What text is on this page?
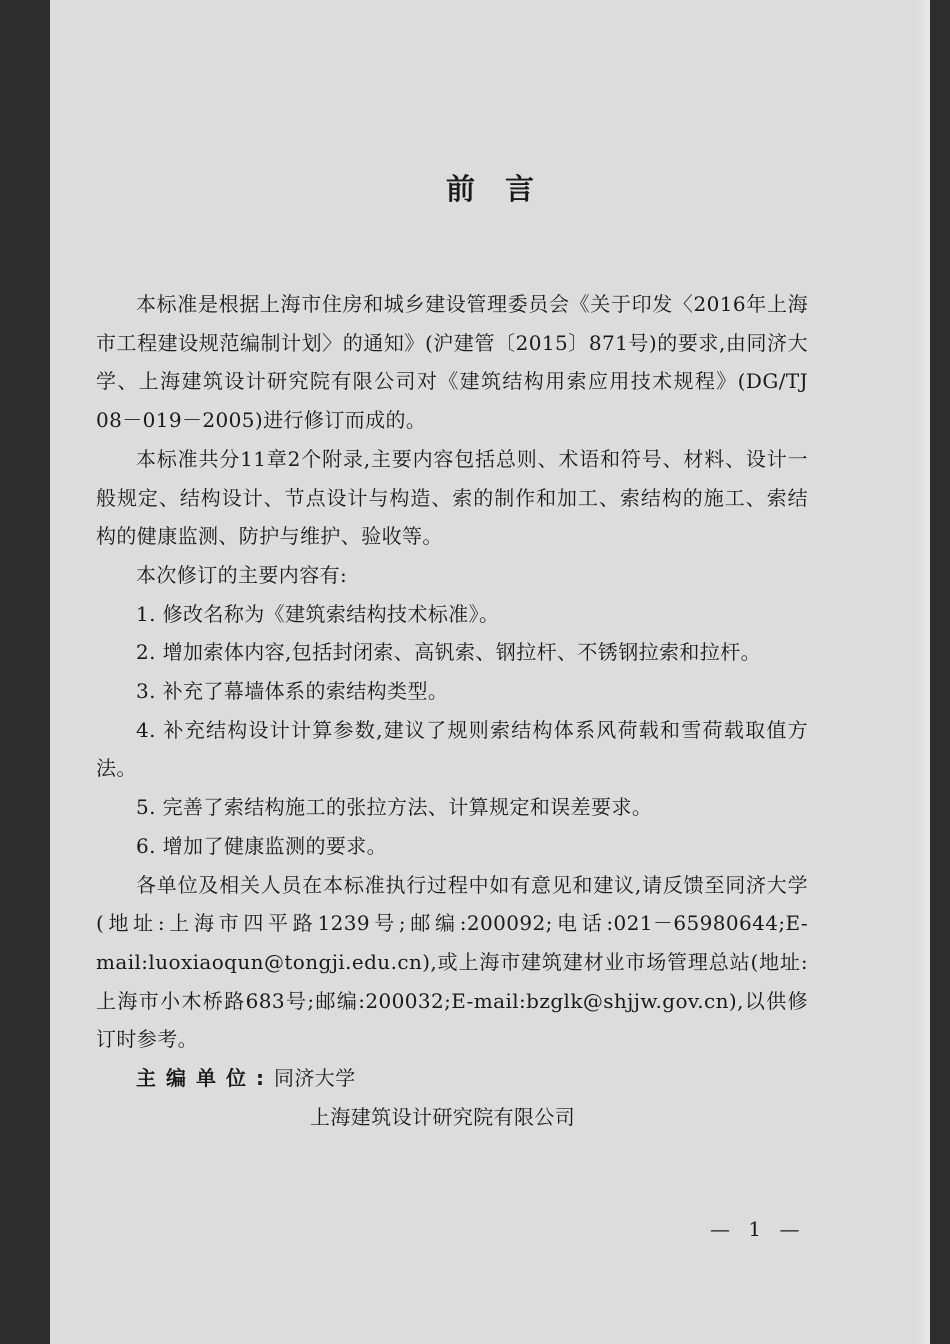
前言

本标准是根据上海市住房和城乡建设管理委员会《关于印发〈2016年上海市工程建设规范编制计划〉的通知》(沪建管〔2015〕871号)的要求,由同济大学、上海建筑设计研究院有限公司对《建筑结构用索应用技术规程》(DG/TJ 08－019－2005)进行修订而成的。

本标准共分11章2个附录,主要内容包括总则、术语和符号、材料、设计一般规定、结构设计、节点设计与构造、索的制作和加工、索结构的施工、索结构的健康监测、防护与维护、验收等。

本次修订的主要内容有:

1. 修改名称为《建筑索结构技术标准》。

2. 增加索体内容,包括封闭索、高钒索、钢拉杆、不锈钢拉索和拉杆。

3. 补充了幕墙体系的索结构类型。

4. 补充结构设计计算参数,建议了规则索结构体系风荷载和雪荷载取值方法。

5. 完善了索结构施工的张拉方法、计算规定和误差要求。

6. 增加了健康监测的要求。

各单位及相关人员在本标准执行过程中如有意见和建议,请反馈至同济大学(地址:上海市四平路1239号;邮编:200092;电话:021－65980644;E-mail:luoxiaoqun@tongji.edu.cn),或上海市建筑建材业市场管理总站(地址:上海市小木桥路683号;邮编:200032;E-mail:bzglk@shjjw.gov.cn),以供修订时参考。

主编单位:同济大学

上海建筑设计研究院有限公司

— 1 —
